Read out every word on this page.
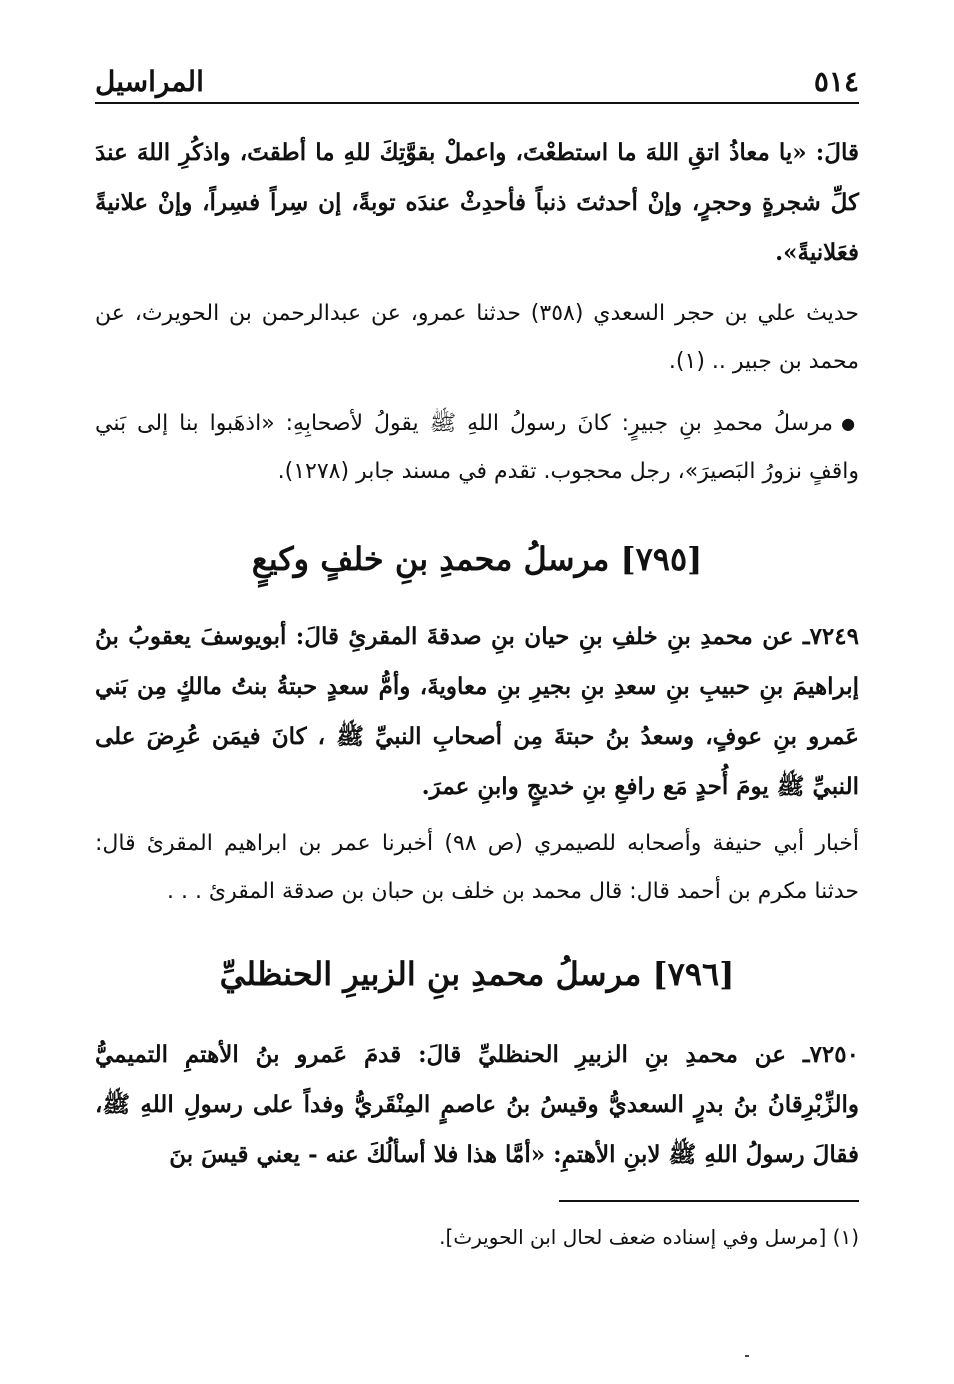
٥١٤
المراسيل

قالَ: «يا معاذُ اتقِ اللهَ ما استطعْتَ، واعملْ بقوَّتِكَ للهِ ما أطقتَ، واذكُرِ اللهَ عندَ كلِّ شجرةٍ وحجرٍ، وإنْ أحدثتَ ذنباً فأحدِثْ عندَه توبةً، إن سِراً فسِراً، وإنْ علانيةً فعَلانيةً».

حديث علي بن حجر السعدي (٣٥٨) حدثنا عمرو، عن عبدالرحمن بن الحويرث، عن محمد بن جبير .. (١).

● مرسلُ محمدِ بنِ جبيرٍ: كانَ رسولُ اللهِ ﷺ يقولُ لأصحابِهِ: «اذهَبوا بنا إلى بَني واقفٍ نزورُ البَصيرَ»، رجل محجوب. تقدم في مسند جابر (١٢٧٨).

[٧٩٥] مرسلُ محمدِ بنِ خلفٍ وكيعٍ

٧٢٤٩ـ عن محمدِ بنِ خلفِ بنِ حيان بنِ صدقةَ المقرئِ قالَ: أبويوسفَ يعقوبُ بنُ إبراهيمَ بنِ حبيبِ بنِ سعدِ بنِ بجيرِ بنِ معاويةَ، وأمُّ سعدٍ حبتةُ بنتُ مالكٍ مِن بَني عَمرو بنِ عوفٍ، وسعدُ بنُ حبتةَ مِن أصحابِ النبيِّ ﷺ ، كانَ فيمَن عُرِضَ على النبيِّ ﷺ يومَ أُحدٍ مَع رافعِ بنِ خديجٍ وابنِ عمرَ.

أخبار أبي حنيفة وأصحابه للصيمري (ص ٩٨) أخبرنا عمر بن ابراهيم المقرئ قال: حدثنا مكرم بن أحمد قال: قال محمد بن خلف بن حبان بن صدقة المقرئ . . .

[٧٩٦] مرسلُ محمدِ بنِ الزبيرِ الحنظليِّ

٧٢٥٠ـ عن محمدِ بنِ الزبيرِ الحنظليِّ قالَ: قدمَ عَمرو بنُ الأهتمِ التميميُّ والزِّبْرِقانُ بنُ بدرٍ السعديُّ وقيسُ بنُ عاصمٍ المِنْقَريُّ وفداً على رسولِ اللهِ ﷺ، فقالَ رسولُ اللهِ ﷺ لابنِ الأهتمِ: «أمَّا هذا فلا أسألُكَ عنه - يعني قيسَ بنَ

(١) [مرسل وفي إسناده ضعف لحال ابن الحويرث].
